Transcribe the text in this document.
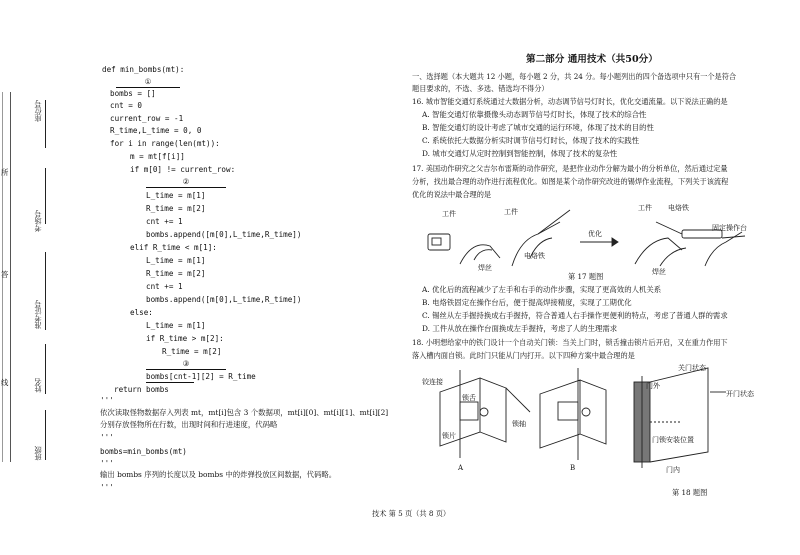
所
答
线
座位号
考场号
准考证号
姓名
班级
def min_bombs(mt):
①
bombs = []
cnt = 0
current_row = -1
R_time,L_time = 0, 0
for i in range(len(mt)):
m = mt[f[i]]
if m[0] != current_row:
②
L_time = m[1]
R_time = m[2]
cnt += 1
bombs.append([m[0],L_time,R_time])
elif R_time < m[1]:
L_time = m[1]
R_time = m[2]
cnt += 1
bombs.append([m[0],L_time,R_time])
else:
L_time = m[1]
if R_time > m[2]:
R_time = m[2]
③

bombs[cnt-1][2] = R_time
return bombs
'''
依次读取怪物数据存入列表 mt，mt[i]包含 3 个数据项，mt[i][0]、mt[i][1]、mt[i][2]
分别存放怪物所在行数，出现时间和行进速度，代码略
'''
bombs=min_bombs(mt)
'''
输出 bombs 序列的长度以及 bombs 中的炸弹投放区间数据，代码略。
'''
第二部分 通用技术（共50分）
一、选择题（本大题共 12 小题，每小题 2 分，共 24 分。每小题列出的四个备选项中只有一个是符合
题目要求的，不选、多选、错选均不得分）
16. 城市智能交通灯系统通过大数据分析，动态调节信号灯时长，优化交通流量。以下说法正确的是
A. 智能交通灯依靠摄像头动态调节信号灯时长，体现了技术的综合性
B. 智能交通灯的设计考虑了城市交通的运行环境，体现了技术的目的性
C. 系统依托大数据分析实时调节信号灯时长，体现了技术的实践性
D. 城市交通灯从定时控制到智能控制，体现了技术的复杂性
17. 美国动作研究之父吉尔布雷斯的动作研究，是把作业动作分解为最小的分析单位，然后通过定量
分析，找出最合理的动作进行流程优化。如图是某个动作研究改进的锡焊作业流程，下列关于该流程
优化的说法中最合理的是
工件	工件
电烙铁
焊丝
优化
工件 电烙铁
固定操作台
焊丝
第 17 题图
A. 优化后的流程减少了左手和右手的动作步骤，实现了更高效的人机关系
B. 电烙铁固定在操作台后，便于提高焊接精度，实现了工期优化
C. 锡丝从左手握持换成右手握持，符合普通人右手操作更便利的特点，考虑了普通人群的需求
D. 工件从放在操作台面换成左手握持，考虑了人的生理需求
18. 小明想给家中的铁门设计一个自动关门锁：当关上门时，锁舌撞击锁片后开启，又在重力作用下
落入槽内面自锁。此时门只能从门内打开。以下四种方案中最合理的是
铰连接
锁舌
锁轴
锁片
A	B
关门状态
门外
开门状态
门锁安装位置
门内
第 18 题图
技术 第 5 页（共 8 页）
